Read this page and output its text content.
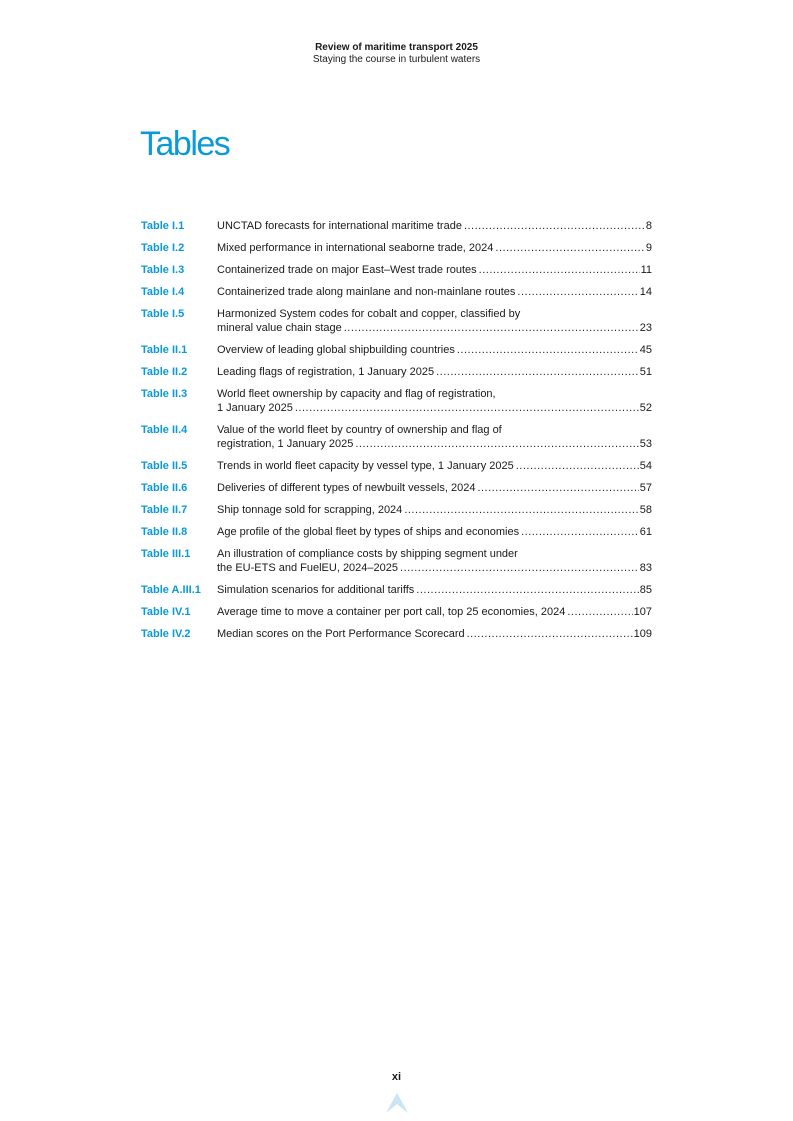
Review of maritime transport 2025
Staying the course in turbulent waters
Tables
Table I.1	UNCTAD forecasts for international maritime trade .....	8
Table I.2	Mixed performance in international seaborne trade, 2024 .....	9
Table I.3	Containerized trade on major East–West trade routes .....	11
Table I.4	Containerized trade along mainlane and non-mainlane routes .....	14
Table I.5	Harmonized System codes for cobalt and copper, classified by
mineral value chain stage .....	23
Table II.1	Overview of leading global shipbuilding countries .....	45
Table II.2	Leading flags of registration, 1 January 2025 .....	51
Table II.3	World fleet ownership by capacity and flag of registration,
1 January 2025 .....	52
Table II.4	Value of the world fleet by country of ownership and flag of
registration, 1 January 2025 .....	53
Table II.5	Trends in world fleet capacity by vessel type, 1 January 2025 .....	54
Table II.6	Deliveries of different types of newbuilt vessels, 2024 .....	57
Table II.7	Ship tonnage sold for scrapping, 2024 .....	58
Table II.8	Age profile of the global fleet by types of ships and economies .....	61
Table III.1	An illustration of compliance costs by shipping segment under
the EU-ETS and FuelEU, 2024–2025 .....	83
Table A.III.1	Simulation scenarios for additional tariffs .....	85
Table IV.1	Average time to move a container per port call, top 25 economies, 2024 .....	107
Table IV.2	Median scores on the Port Performance Scorecard .....	109
xi
